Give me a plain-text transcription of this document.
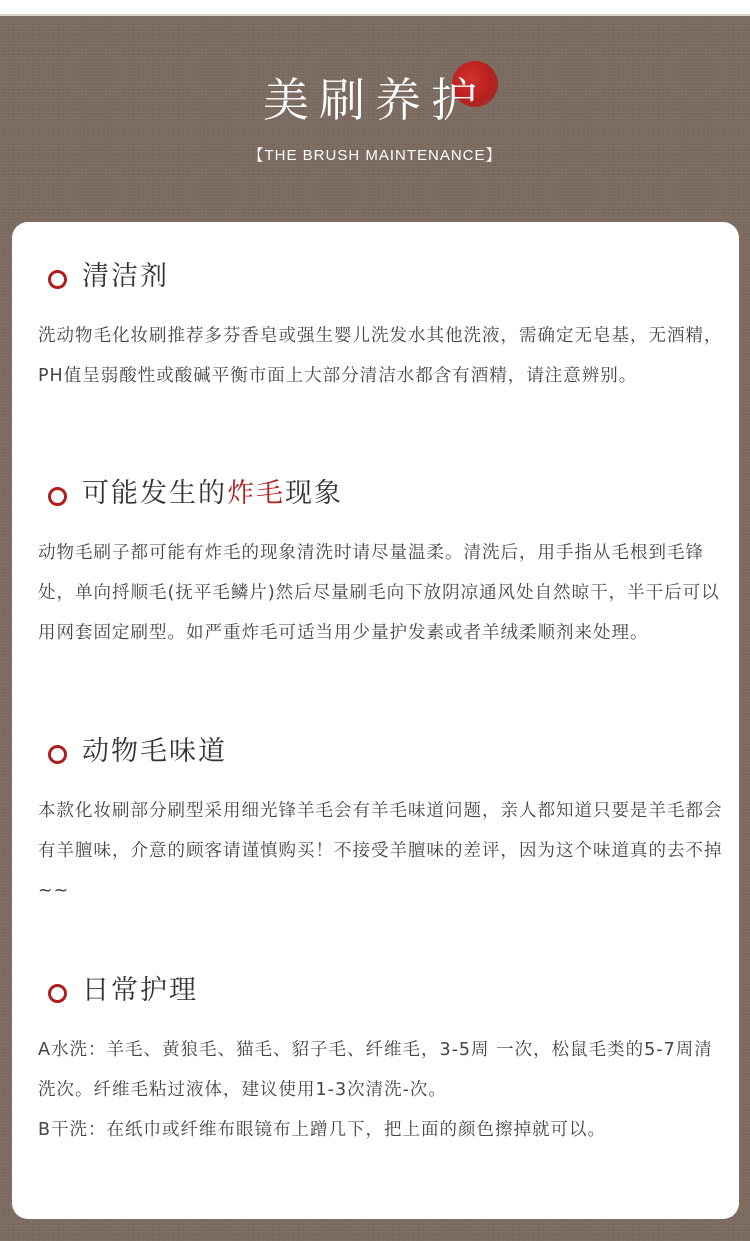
美刷养护
【THE BRUSH MAINTENANCE】
清洁剂
洗动物毛化妆刷推荐多芬香皂或强生婴儿洗发水其他洗液，需确定无皂基，无酒精，PH值呈弱酸性或酸碱平衡市面上大部分清洁水都含有酒精，请注意辨别。
可能发生的炸毛现象
动物毛刷子都可能有炸毛的现象清洗时请尽量温柔。清洗后，用手指从毛根到毛锋处，单向捋顺毛(抚平毛鳞片)然后尽量刷毛向下放阴凉通风处自然晾干，半干后可以用网套固定刷型。如严重炸毛可适当用少量护发素或者羊绒柔顺剂来处理。
动物毛味道
本款化妆刷部分刷型采用细光锋羊毛会有羊毛味道问题，亲人都知道只要是羊毛都会有羊膻味，介意的顾客请谨慎购买！不接受羊膻味的差评，因为这个味道真的去不掉~~
日常护理

A水洗：羊毛、黄狼毛、猫毛、貂子毛、纤维毛，3-5周 一次，松鼠毛类的5-7周清洗次。纤维毛粘过液体，建议使用1-3次清洗-次。

B干洗：在纸巾或纤维布眼镜布上蹭几下，把上面的颜色擦掉就可以。
